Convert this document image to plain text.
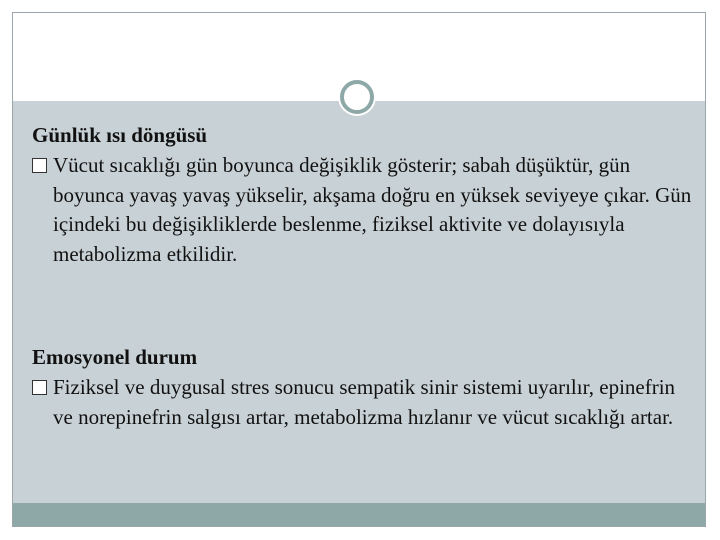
Günlük ısı döngüsü

Vücut sıcaklığı gün boyunca değişiklik gösterir; sabah düşüktür, gün boyunca yavaş yavaş yükselir, akşama doğru en yüksek seviyeye çıkar. Gün içindeki bu değişikliklerde beslenme, fiziksel aktivite ve dolayısıyla metabolizma etkilidir.

Emosyonel durum

Fiziksel ve duygusal stres sonucu sempatik sinir sistemi uyarılır, epinefrin ve norepinefrin salgısı artar, metabolizma hızlanır ve vücut sıcaklığı artar.
